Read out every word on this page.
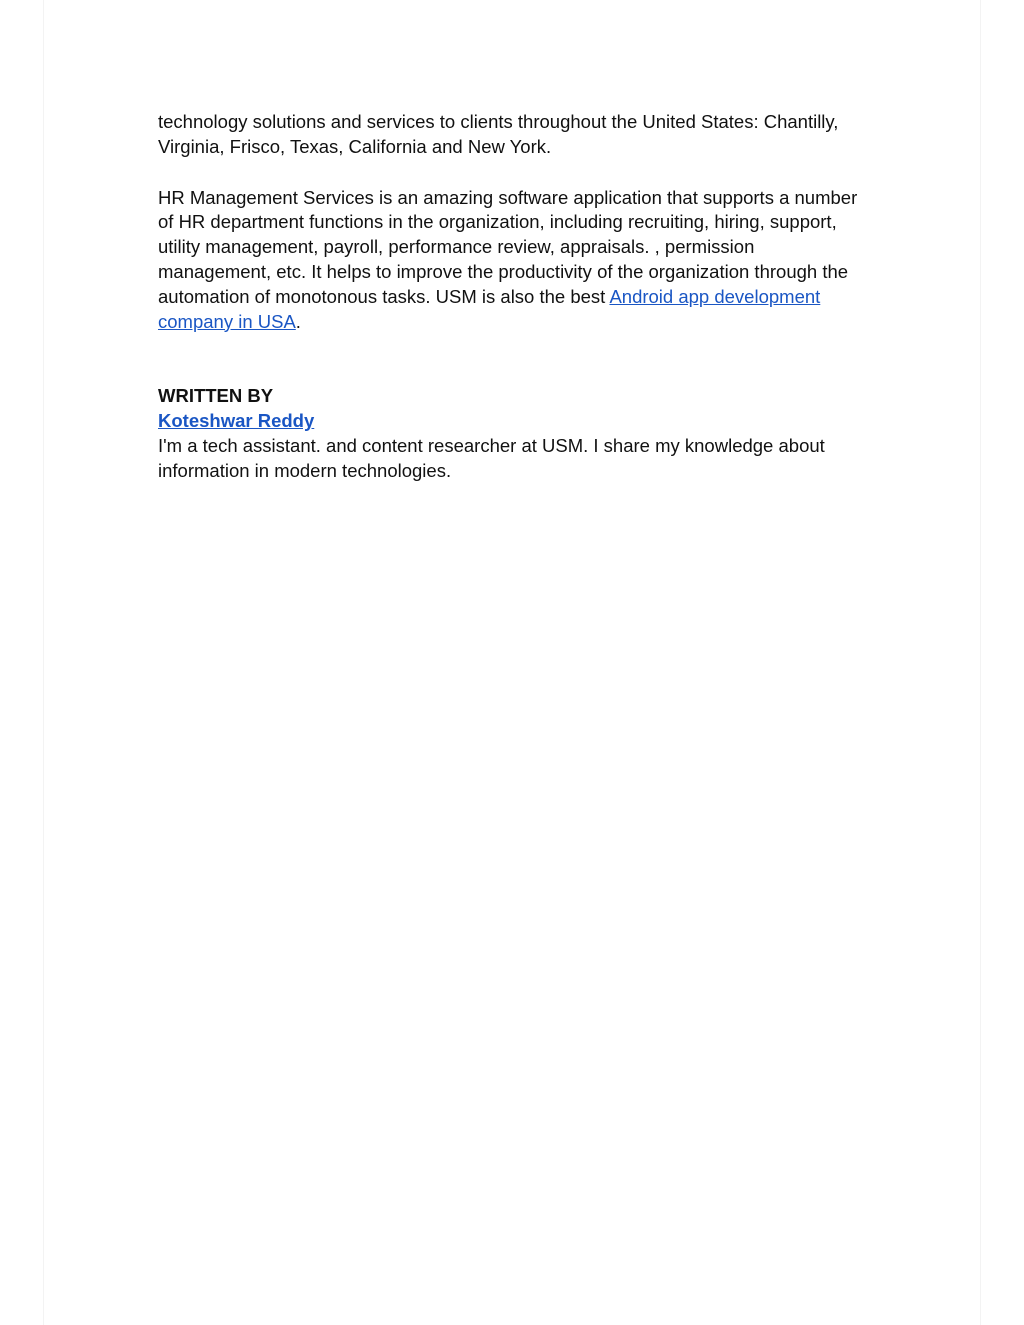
technology solutions and services to clients throughout the United States: Chantilly, Virginia, Frisco, Texas, California and New York.

HR Management Services is an amazing software application that supports a number of HR department functions in the organization, including recruiting, hiring, support, utility management, payroll, performance review, appraisals. , permission management, etc. It helps to improve the productivity of the organization through the automation of monotonous tasks. USM is also the best Android app development company in USA.

WRITTEN BY
Koteshwar Reddy

I'm a tech assistant. and content researcher at USM. I share my knowledge about information in modern technologies.
